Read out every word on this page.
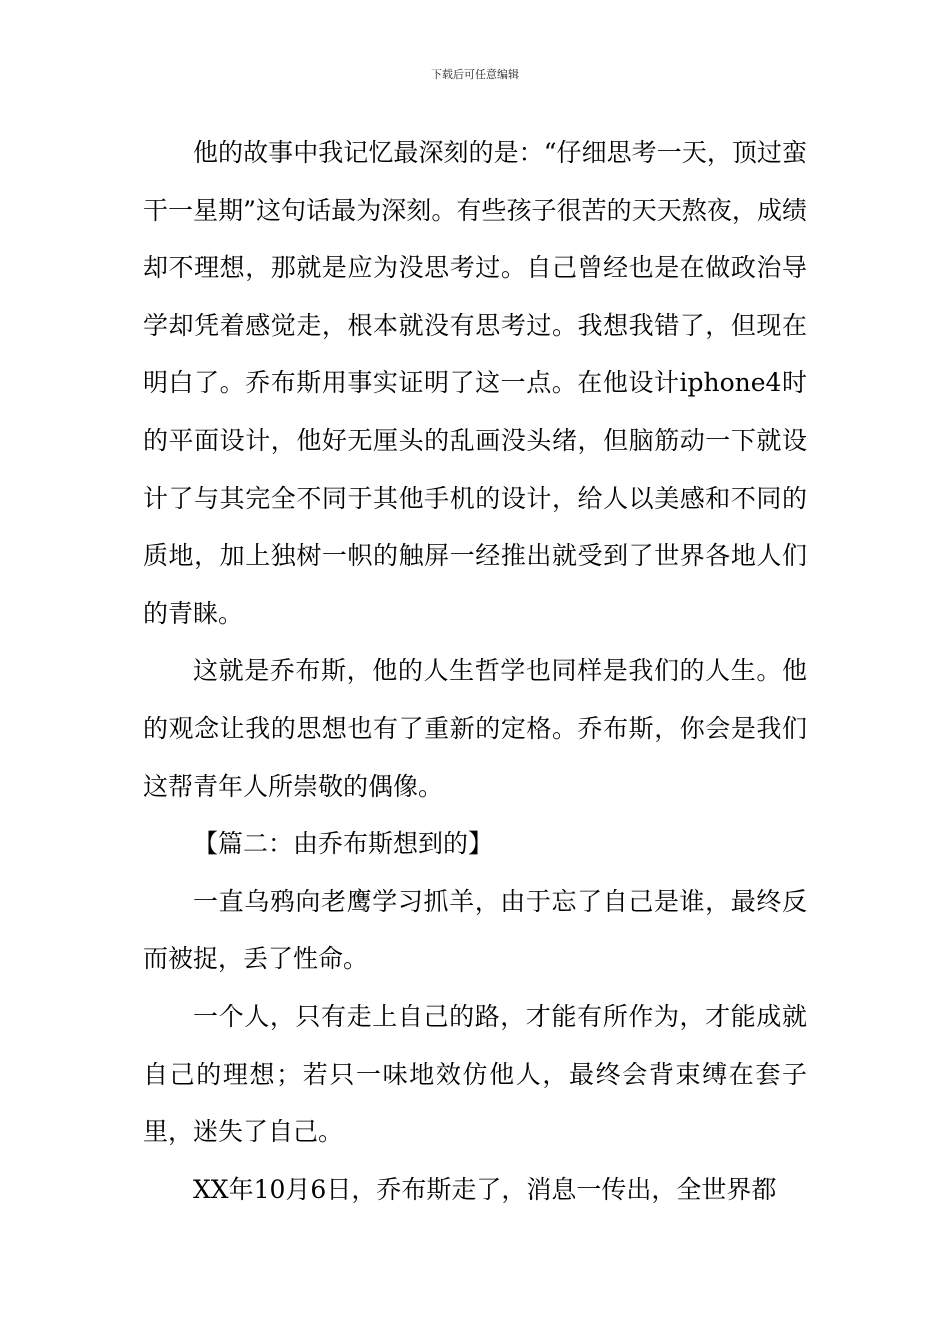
下载后可任意编辑

他的故事中我记忆最深刻的是：“仔细思考一天，顶过蛮干一星期”这句话最为深刻。有些孩子很苦的天天熬夜，成绩却不理想，那就是应为没思考过。自己曾经也是在做政治导学却凭着感觉走，根本就没有思考过。我想我错了，但现在明白了。乔布斯用事实证明了这一点。在他设计iphone4时的平面设计，他好无厘头的乱画没头绪，但脑筋动一下就设计了与其完全不同于其他手机的设计，给人以美感和不同的质地，加上独树一帜的触屏一经推出就受到了世界各地人们的青睐。

这就是乔布斯，他的人生哲学也同样是我们的人生。他的观念让我的思想也有了重新的定格。乔布斯，你会是我们这帮青年人所崇敬的偶像。

【篇二：由乔布斯想到的】

一直乌鸦向老鹰学习抓羊，由于忘了自己是谁，最终反而被捉，丢了性命。

一个人，只有走上自己的路，才能有所作为，才能成就自己的理想；若只一味地效仿他人，最终会背束缚在套子里，迷失了自己。

XX年10月6日，乔布斯走了，消息一传出，全世界都
